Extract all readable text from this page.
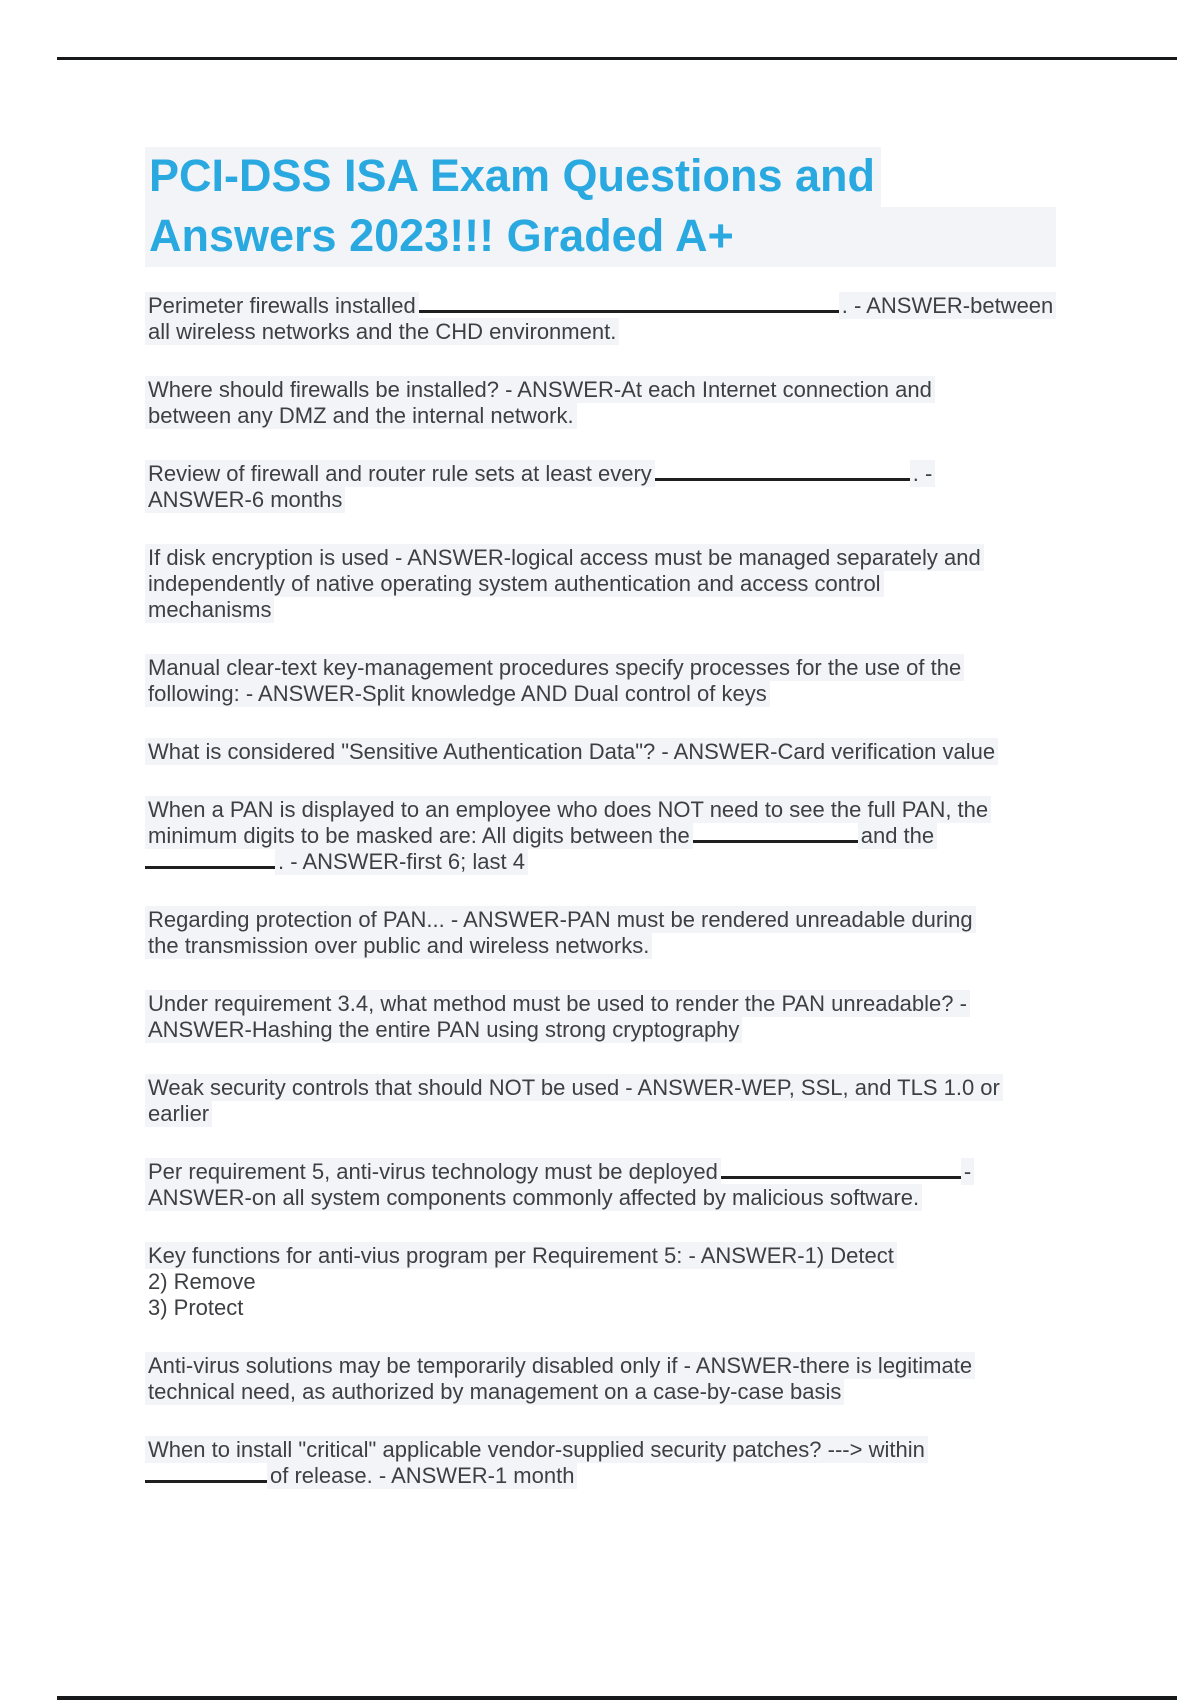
PCI-DSS ISA Exam Questions and
Answers 2023!!! Graded A+
Perimeter firewalls installed	. - ANSWER-between
all wireless networks and the CHD environment.
Where should firewalls be installed? - ANSWER-At each Internet connection and
between any DMZ and the internal network.
Review of firewall and router rule sets at least every	. -
ANSWER-6 months
If disk encryption is used - ANSWER-logical access must be managed separately and
independently of native operating system authentication and access control
mechanisms
Manual clear-text key-management procedures specify processes for the use of the
following: - ANSWER-Split knowledge AND Dual control of keys
What is considered "Sensitive Authentication Data"? - ANSWER-Card verification value
When a PAN is displayed to an employee who does NOT need to see the full PAN, the
minimum digits to be masked are: All digits between the	and the
. - ANSWER-first 6; last 4
Regarding protection of PAN... - ANSWER-PAN must be rendered unreadable during
the transmission over public and wireless networks.
Under requirement 3.4, what method must be used to render the PAN unreadable? -
ANSWER-Hashing the entire PAN using strong cryptography
Weak security controls that should NOT be used - ANSWER-WEP, SSL, and TLS 1.0 or
earlier
Per requirement 5, anti-virus technology must be deployed	-
ANSWER-on all system components commonly affected by malicious software.
Key functions for anti-vius program per Requirement 5: - ANSWER-1) Detect
2) Remove
3) Protect
Anti-virus solutions may be temporarily disabled only if - ANSWER-there is legitimate
technical need, as authorized by management on a case-by-case basis
When to install "critical" applicable vendor-supplied security patches? ---> within
of release. - ANSWER-1 month
